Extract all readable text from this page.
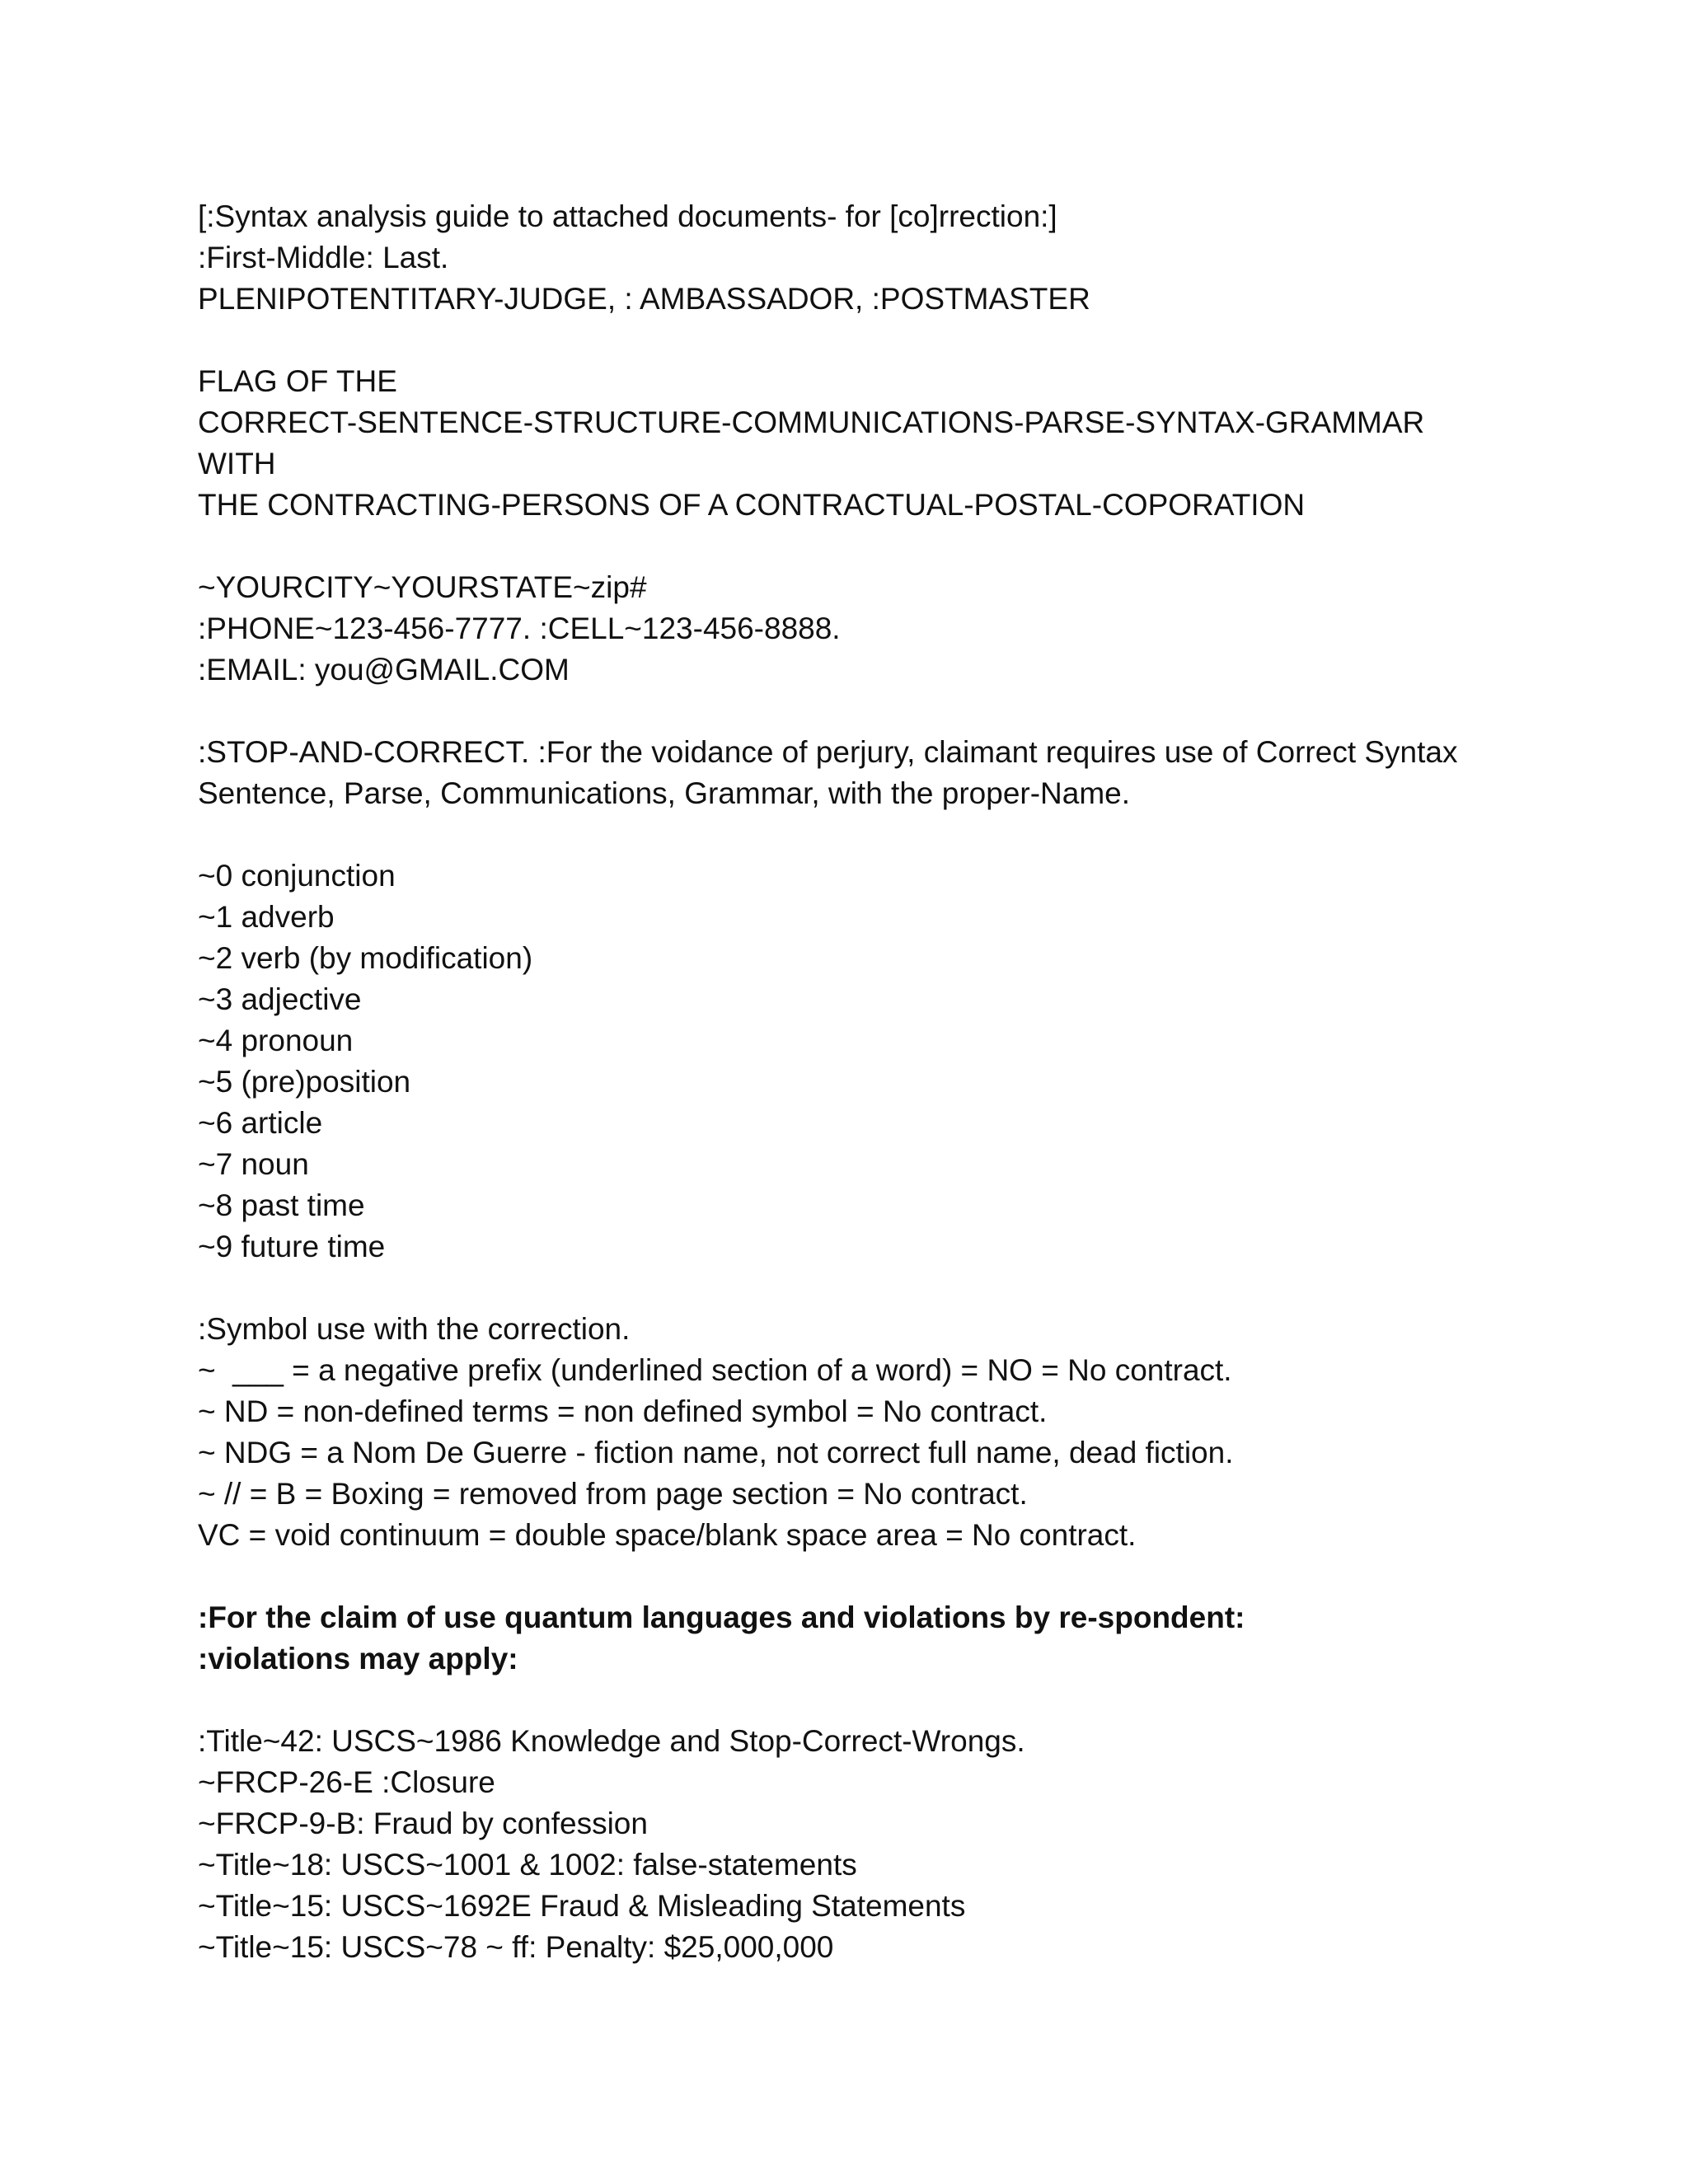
[:Syntax analysis guide to attached documents- for [co]rrection:]
:First-Middle: Last.
PLENIPOTENTITARY-JUDGE, : AMBASSADOR, :POSTMASTER
FLAG OF THE
CORRECT-SENTENCE-STRUCTURE-COMMUNICATIONS-PARSE-SYNTAX-GRAMMAR
WITH
THE CONTRACTING-PERSONS OF A CONTRACTUAL-POSTAL-COPORATION
~YOURCITY~YOURSTATE~zip#
:PHONE~123-456-7777. :CELL~123-456-8888.
:EMAIL: you@GMAIL.COM
:STOP-AND-CORRECT. :For the voidance of perjury, claimant requires use of Correct Syntax
Sentence, Parse, Communications, Grammar, with the proper-Name.
~0 conjunction
~1 adverb
~2 verb (by modification)
~3 adjective
~4 pronoun
~5 (pre)position
~6 article
~7 noun
~8 past time
~9 future time
:Symbol use with the correction.
~  ___ = a negative prefix (underlined section of a word) = NO = No contract.
~ ND = non-defined terms = non defined symbol = No contract.
~ NDG = a Nom De Guerre - fiction name, not correct full name, dead fiction.
~ // = B = Boxing = removed from page section = No contract.
VC = void continuum = double space/blank space area = No contract.
:For the claim of use quantum languages and violations by re-spondent:
:violations may apply:
:Title~42: USCS~1986 Knowledge and Stop-Correct-Wrongs.
~FRCP-26-E :Closure
~FRCP-9-B: Fraud by confession
~Title~18: USCS~1001 & 1002: false-statements
~Title~15: USCS~1692E Fraud & Misleading Statements
~Title~15: USCS~78 ~ ff: Penalty: $25,000,000
